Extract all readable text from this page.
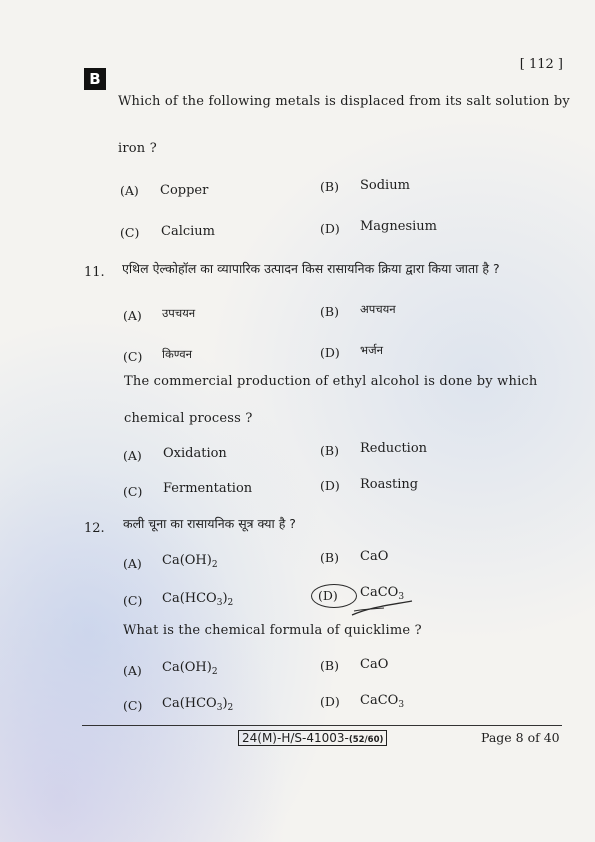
B
[ 112 ]
Which of the following metals is displaced from its salt solution by
iron ?
(A) Copper	(B) Sodium
(C) Calcium	(D) Magnesium
11. एथिल ऐल्कोहॉल का व्यापारिक उत्पादन किस रासायनिक क्रिया द्वारा किया जाता है ?
(A) उपचयन	(B) अपचयन
(C) किण्वन	(D) भर्जन
The commercial production of ethyl alcohol is done by which
chemical process ?
(A) Oxidation	(B) Reduction
(C) Fermentation	(D) Roasting
12. कली चूना का रासायनिक सूत्र क्या है ?
(A) $Ca(OH)_2$	(B) CaO
(C) $Ca(HCO_3)_2$	(D) CaCO$_3$
What is the chemical formula of quicklime ?
(A) $Ca(OH)_2$	(B) CaO
(C) $Ca(HCO_3)_2$	(D) CaCO$_3$
24(M)-H/S-41003-(52/60)	Page 8 of 40
